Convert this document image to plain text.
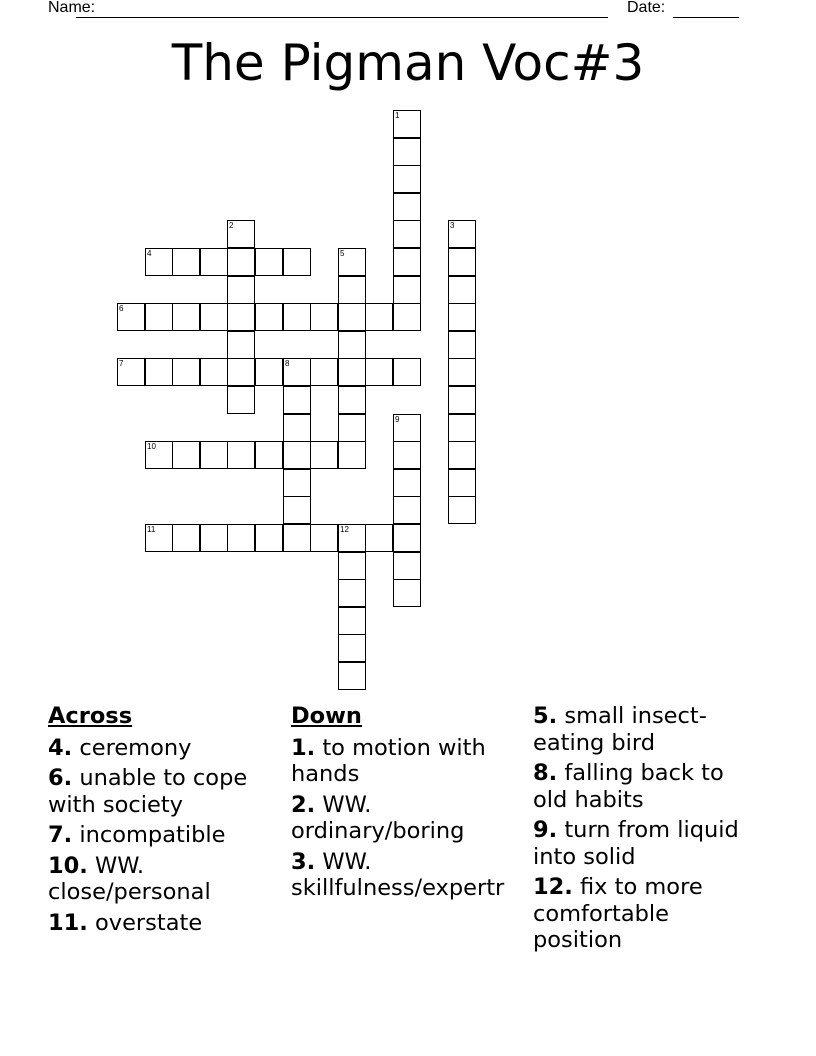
Name:	Date:
The Pigman Voc#3
1
2	3
4	5
6
7	8
9
10
11	12
Across
4. ceremony
6. unable to cope with society
7. incompatible
10. WW. close/personal
11. overstate
Down
1. to motion with hands
2. WW. ordinary/boring
3. WW. skillfulness/expertr
5. small insect-eating bird
8. falling back to old habits
9. turn from liquid into solid
12. fix to more comfortable position
